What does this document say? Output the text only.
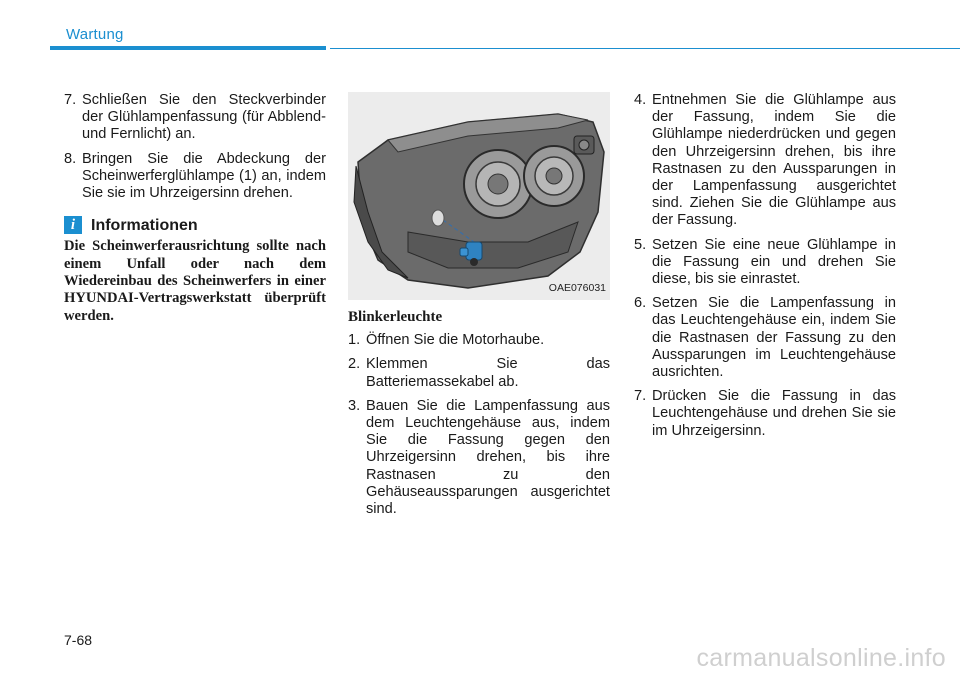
Wartung
7. Schließen Sie den Steckverbinder der Glühlampenfassung (für Abblend- und Fernlicht) an.
8. Bringen Sie die Abdeckung der Scheinwerferglühlampe (1) an, indem Sie sie im Uhrzeigersinn drehen.
i Informationen
Die Scheinwerferausrichtung sollte nach einem Unfall oder nach dem Wiedereinbau des Scheinwerfers in einer HYUNDAI-Vertragswerkstatt überprüft werden.
OAE076031
Blinkerleuchte
1. Öffnen Sie die Motorhaube.
2. Klemmen Sie das Batteriemassekabel ab.
3. Bauen Sie die Lampenfassung aus dem Leuchtengehäuse aus, indem Sie die Fassung gegen den Uhrzeigersinn drehen, bis ihre Rastnasen zu den Gehäuseaussparungen ausgerichtet sind.
4. Entnehmen Sie die Glühlampe aus der Fassung, indem Sie die Glühlampe niederdrücken und gegen den Uhrzeigersinn drehen, bis ihre Rastnasen zu den Aussparungen in der Lampenfassung ausgerichtet sind. Ziehen Sie die Glühlampe aus der Fassung.
5. Setzen Sie eine neue Glühlampe in die Fassung ein und drehen Sie diese, bis sie einrastet.
6. Setzen Sie die Lampenfassung in das Leuchtengehäuse ein, indem Sie die Rastnasen der Fassung zu den Aussparungen im Leuchtengehäuse ausrichten.
7. Drücken Sie die Fassung in das Leuchtengehäuse und drehen Sie sie im Uhrzeigersinn.
7-68
carmanualsonline.info
